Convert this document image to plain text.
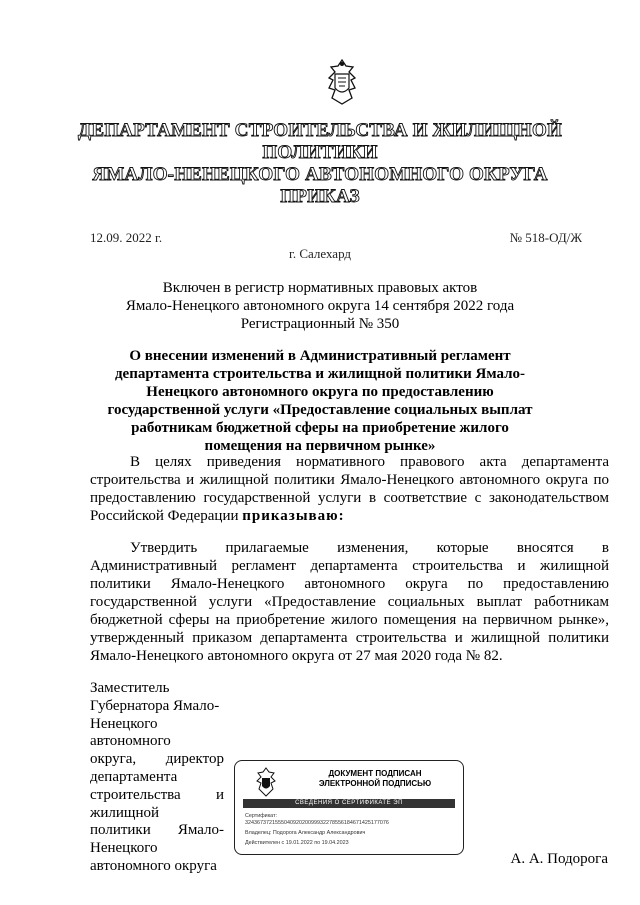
ДЕПАРТАМЕНТ СТРОИТЕЛЬСТВА И ЖИЛИЩНОЙ
ПОЛИТИКИ
ЯМАЛО-НЕНЕЦКОГО АВТОНОМНОГО ОКРУГА
ПРИКАЗ
12.09. 2022 г.	№ 518-ОД/Ж
г. Салехард
Включен в регистр нормативных правовых актов
Ямало-Ненецкого автономного округа 14 сентября 2022 года
Регистрационный № 350
О внесении изменений в Административный регламент департамента строительства и жилищной политики Ямало-Ненецкого автономного округа по предоставлению государственной услуги «Предоставление социальных выплат работникам бюджетной сферы на приобретение жилого помещения на первичном рынке»
В целях приведения нормативного правового акта департамента строительства и жилищной политики Ямало-Ненецкого автономного округа по предоставлению государственной услуги в соответствие с законодательством Российской Федерации приказываю:
Утвердить прилагаемые изменения, которые вносятся в Административный регламент департамента строительства и жилищной политики Ямало-Ненецкого автономного округа по предоставлению государственной услуги «Предоставление социальных выплат работникам бюджетной сферы на приобретение жилого помещения на первичном рынке», утвержденный приказом департамента строительства и жилищной политики Ямало-Ненецкого автономного округа от 27 мая 2020 года № 82.
Заместитель
Губернатора Ямало-
Ненецкого
автономного
округа, директор
департамента
строительства и
жилищной
политики Ямало-
Ненецкого
автономного округа
ДОКУМЕНТ ПОДПИСАН
ЭЛЕКТРОННОЙ ПОДПИСЬЮ
СВЕДЕНИЯ О СЕРТИФИКАТЕ ЭП
Сертификат:
324367372155504092020099932278556184671425177076
Владелец: Подорога Александр Александрович
Действителен с 19.01.2022 по 19.04.2023
А. А. Подорога
